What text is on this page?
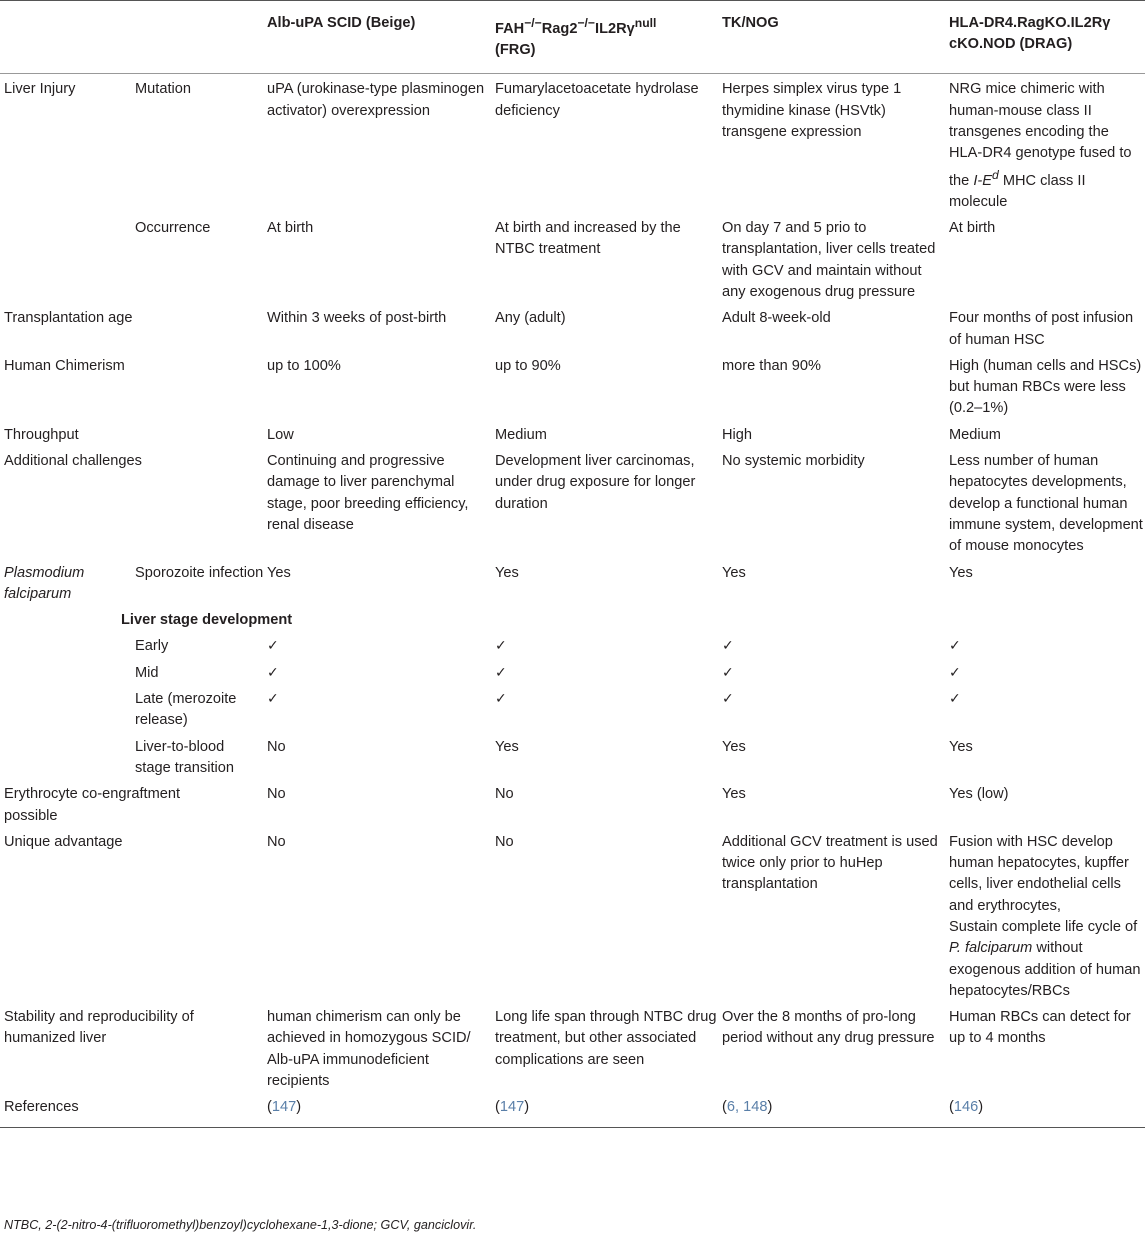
		Alb-uPA SCID (Beige)	$FAH^{-/-}Rag2^{-/-}IL2R\gamma^{null}$
(FRG)	TK/NOG	HLA-DR4.RagKO.IL2Rγ
cKO.NOD (DRAG)
Liver Injury	Mutation	uPA (urokinase-type plasminogen activator) overexpression	Fumarylacetoacetate hydrolase deficiency	Herpes simplex virus type 1 thymidine kinase (HSVtk) transgene expression	NRG mice chimeric with human-mouse class II transgenes encoding the HLA-DR4 genotype fused to the $I-E^d$ MHC class II molecule
	Occurrence	At birth	At birth and increased by the NTBC treatment	On day 7 and 5 prio to transplantation, liver cells treated with GCV and maintain without any exogenous drug pressure	At birth
Transplantation age		Within 3 weeks of post-birth	Any (adult)	Adult 8-week-old	Four months of post infusion of human HSC
Human Chimerism		up to 100%	up to 90%	more than 90%	High (human cells and HSCs) but human RBCs were less (0.2–1%)
Throughput		Low	Medium	High	Medium
Additional challenges		Continuing and progressive damage to liver parenchymal stage, poor breeding efficiency, renal disease	Development liver carcinomas, under drug exposure for longer duration	No systemic morbidity	Less number of human hepatocytes developments, develop a functional human immune system, development of mouse monocytes
Plasmodium falciparum	Sporozoite infection	Yes	Yes	Yes	Yes
	Liver stage development				
	Early	✓	✓	✓	✓
	Mid	✓	✓	✓	✓
	Late (merozoite release)	✓	✓	✓	✓
	Liver-to-blood stage transition	No	Yes	Yes	Yes
Erythrocyte co-engraftment possible		No	No	Yes	Yes (low)
Unique advantage		No	No	Additional GCV treatment is used twice only prior to huHep transplantation	Fusion with HSC develop human hepatocytes, kupffer cells, liver endothelial cells and erythrocytes,
Sustain complete life cycle of P. falciparum without exogenous addition of human hepatocytes/RBCs
Stability and reproducibility of humanized liver		human chimerism can only be achieved in homozygous SCID/ Alb-uPA immunodeficient recipients	Long life span through NTBC drug treatment, but other associated complications are seen	Over the 8 months of pro-long period without any drug pressure	Human RBCs can detect for up to 4 months
References		(147)	(147)	(6, 148)	(146)
NTBC, 2-(2-nitro-4-(trifluoromethyl)benzoyl)cyclohexane-1,3-dione; GCV, ganciclovir.
